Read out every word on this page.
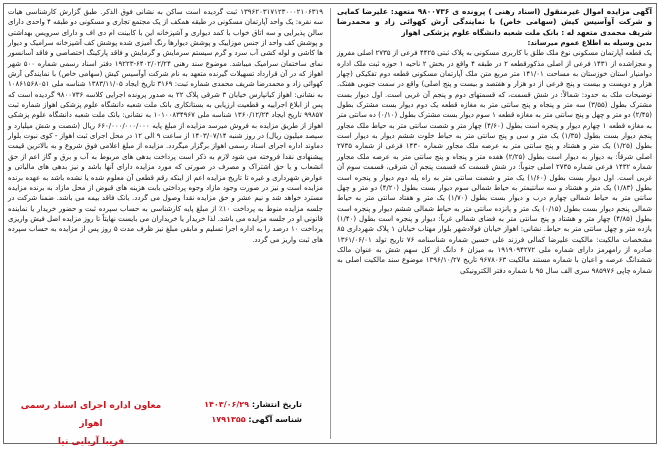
آگهی مزایده اموال غیرمنقول (اسناد رهنی ) پرونده ی ۹۸۰۰۷۳۶ متعهد: علیرضا کمایی و شرکت آوآسیس کیش (سهامی خاص) با نمایندگی آرش کهوائی زاد و محمدرضا شریف محمدی متعهد له : بانک ملت شعبه دانشگاه علوم پزشکی اهواز

بدین وسیله به اطلاع عموم میرساند:

یک قطعه آپارتمان مسکونی نوع ملک طلق با کاربری مسکونی به پلاک ثبتی ۴۴۲۵ فرعی از ۲۷۳۵ اصلی مفروز و مجزاشده از ۱۴۳۱ فرعی از اصلی مذکورقطعه ۲ در طبقه ۴ واقع در بخش ۲ ناحیه ۱ حوزه ثبت ملک اداره دوامنیار استان خوزستان به مساحت ۱۴۱/۰۱ متر مربع متن ملک آپارتمان مسکونی قطعه دوم تفکیکی (چهار هزار و دویست و بیست و پنج فرعی از دو هزار و هفتصد و بیست و پنج اصلی) واقع در سمت جنوبی هفتک. توضیحات ملک به حدود: شمالاً: در شش قسمت، که قسمتهای دوم و پنجم آن غربی است. اول دیوار بست مشترک بطول (۳/۵۵) سه متر و پنجاه و پنج سانتی متر به مغازه قطعه یک دوم دیوار بست مشترک بطول (۲/۴۵) دو متر و چهل و پنج سانتی متر به مغازه قطعه ۱ سوم دیوار بست مشترک بطول (۰/۱۰) ده سانتی متر به مغازه قطعه ۱ چهارم دیوار و پنجره است بطول (۴/۶۰) چهار متر و شصت سانتی متر به حیاط ملک مجاور پنجم دیوار بست بطول (۱/۳۵) یک متر و سی و پنج سانتی متر به حیاط خلوت ششم دیوار به دیوار است بطول (۱/۲۵) یک متر و هشتاد و پنج سانتی متر به عرصه ملک مجاور شماره ۱۴۳۰ فرعی از شماره ۲۷۳۵ اصلی شرقاً: به دیوار به دیوار است بطول (۲/۲۵) هفده متر و پنجاه و پنج سانتی متر به عرصه ملک مجاور شماره ۱۴۳۲ فرعی شماره ۲۷۳۵ اصلی جنوباً: در شش قسمت که قسمت پنجم آن شرقی، قسمت سوم آن غربی است. اول دیوار بست بطول (۱/۶۰) یک متر و شصت سانتی متر به راه پله دوم دیوار و پنجره است بطول (۱/۸۳) یک متر و هشتاد و سه سانتیمتر به حیاط شمالی سوم دیوار بست بطول (۴/۲۰) دو متر و چهل سانتی متر به حیاط شمالی چهارم درب و دیوار بست بطول (۱/۷۰) یک متر و هفتاد سانتی متر به حیاط شمالی پنجم دیوار بست بطول (۰/۱۵) یک متر و پانزده سانتی متر به حیاط شمالی ششم دیوار و پنجره است بطول (۴/۸۵) چهار متر و هشتاد و پنج سانتی متر به فضای شمالی غرباً: دیوار و پنجره است بطول (۱/۴۰) یازده متر و چهل سانتی متر به حیاط. نشانی: اهواز خیابان فولادشهر بلوار مهتاب خیابان ۱ پلاک شهرداری ۸۵ مشخصات مالکیت: مالکیت علیرضا کمالی فرزند علی حسین شماره شناسنامه ۷۶ تاریخ تولد ۱۳۶۱/۰۶/۰۱ صادره از رامهرمز دارای شماره ملی ۱۹۱۹۰۹۴۲۷۲ به میزان ۶ دانگ از کل سهم شش به عنوان مالک ششدانگ عرصه و اعیان با شماره مستند مالکیت ۹۶۷۸۰۶۳ تاریخ ۱۳۹۶/۱۰/۲۷ موضوع سند مالکیت اصلی به شماره چاپی ۹۸۵۹۷۶ سری الف سال ۹۵ با شماره دفتر الکترونیکی

۱۳۹۶۲۰۳۱۷۱۲۳۰۰۰۲۱۰۶۳۱۹ ثبت گردیده است ساکن به نشانی فوق الذکر. طبق گزارش کارشناسی هیات سه نفره: یک واحد آپارتمان مسکونی در طبقه همکف از یک مجتمع تجاری و مسکونی دو طبقه ۴ واحدی دارای سالن پذیرایی و سه اتاق خواب با کمد دیواری و آشپزخانه این با کابینت ام دی اف و دارای سرویس بهداشتی و پوشش کف واحد از جنس موزاییک و پوشش دیوارها رنگ آمیزی شده پوشش کف آشپزخانه سرامیک و دیوار ها کاشی و لوله کشی آب سرد و گرم سیستم سرمایش و گرمایش و فاقد پارکینگ اختصاصی و فاقد آسانسور نمای ساختمان سرامیک میباشد. موضوع سند رهنی ۶۴۰۲/۰۲/۲۴-۱۹۲۲۳ دفتر اسناد رسمی شماره ۵۰۰ شهر اهواز که در آن قرارداد تسهیلات گیرنده متعهد به نام شرکت آوآسیس کیش (سهامی خاص) با نمایندگی آرش کهوائی زاد و محمدرضا شریف محمدی شماره ثبت: ۳۱۶۹ تاریخ ایجاد ۱۳۸۳/۱۱/۰۵ شناسه ملی ۱۰۸۶۱۵۶۸۰۵۱ به نشانی: اهواز کیانپارس خیابان ۳ شرقی پلاک ۲۲ به صدور پرونده اجرایی کلاسه ۹۸۰۰۷۳۶ گردیده است که پس از ابلاغ اجراییه و قطعیت ارزیابی به بستانکاری بانک ملت شعبه دانشگاه علوم پزشکی اهواز شماره ثبت ۹۹۸۵۷ تاریخ ایجاد ۱۳۶۰/۱۲/۲۴ شناسه ملی ۱۰۱۰۰۸۳۴۹۶۷ به نشانی: بانک ملت شعبه دانشگاه علوم پزشکی اهواز از طریق مزایده به فروش میرسد مزایده از مبلغ پایه ۶۶۰/۰۰۰/۰۰۰/۰۰۰ ریال (شصت و شش میلیارد و سیصد میلیون ریال) در روز شنبه ۱۴۰۳/۰۷/۱۴ از ساعت ۹ الی ۱۲ در محل اجرای ثبت اهواز - کوی نبوت بلوار دماوند اداره اجرای اسناد رسمی اهواز برگزار میگردد. مزایده از مبلغ اعلامی فوق شروع و به بالاترین قیمت پیشنهادی نقدا فروخته می شود لازم به ذکر است پرداخت بدهی های مربوط به آب و برق و گاز اعم از حق انشعاب و یا حق اشتراک و مصرف در صورتی که مورد مزایده دارای آنها باشد و نیز بدهی های مالیاتی و عوارض شهرداری و غیره تا تاریخ مزایده اعم از اینکه رقم قطعی آن معلوم شده یا نشده باشد به عهده برنده مزایده است و نیز در صورت وجود مازاد وجوه پرداختی بابت هزینه های قبوض از محل مازاد به برنده مزایده مسترد خواهد شد و نیم عشر و حق مزایده نقدا وصول می گردد. بانک فاقد بیمه می باشد. ضمنا شرکت در جلسه مزایده منوط به پرداخت ۱۰٪ از مبلغ پایه کارشناسی به حساب سپرده ثبت و حضور خریدار یا نماینده قانونی او در جلسه مزایده می باشد. لذا خریدار یا خریداران می بایست نهایتاً تا روز مزایده اصل فیش واریزی پرداخت ۱۰ درصد را به اداره اجرا تسلیم و مابقی مبلغ نیز ظرف مدت ۵ روز پس از مزایده به حساب سپرده های ثبت واریز می گردد.

معاون اداره اجرای اسناد رسمی اهواز
فریبا آریایی نیا
تاریخ انتشار: ۱۴۰۳/۰۶/۲۹
شناسه آگهی: ۱۷۹۱۳۵۵
